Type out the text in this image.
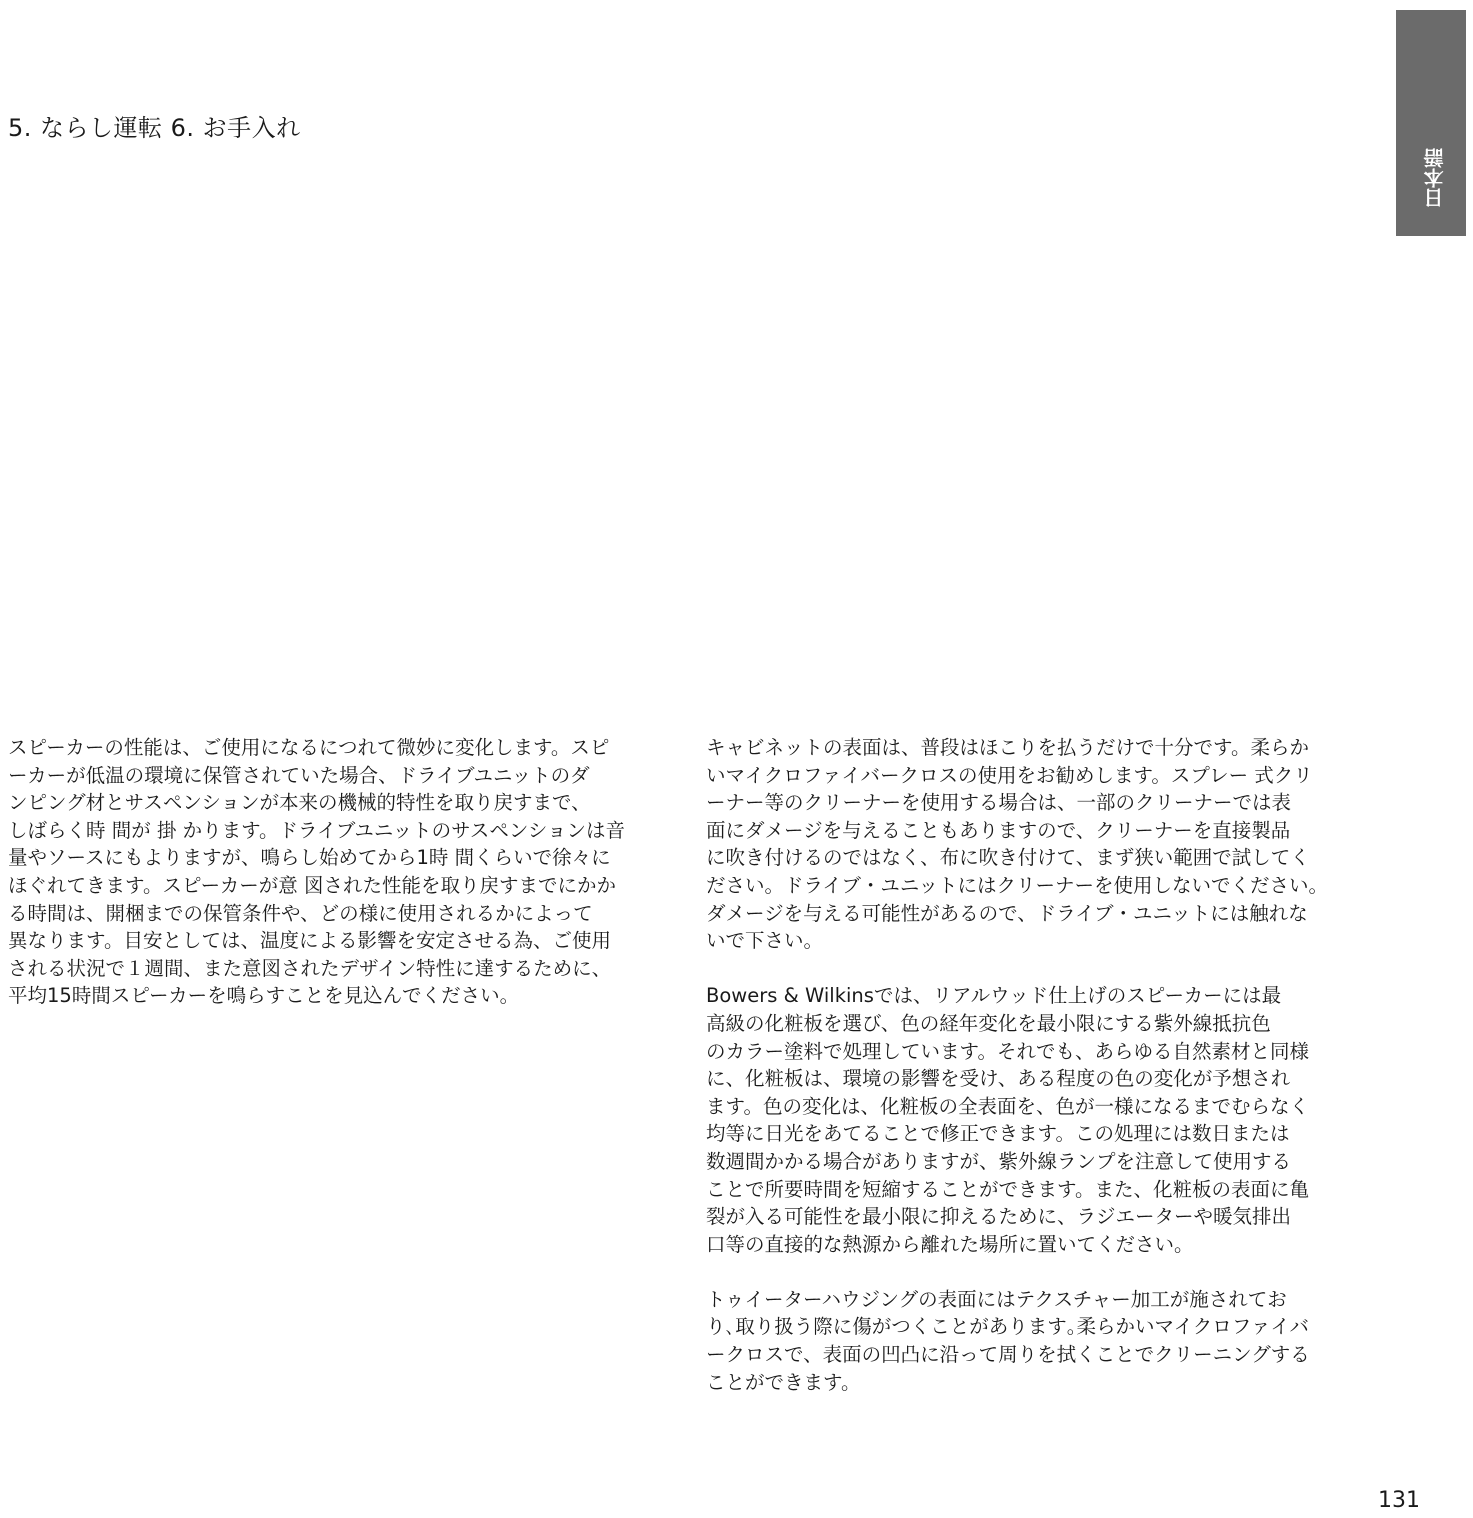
5. ならし運転 6. お手入れ
日本語
スピーカーの性能は、ご使用になるにつれて微妙に変化します。スピ
ーカーが低温の環境に保管されていた場合、ドライブユニットのダ
ンピング材とサスペンションが本来の機械的特性を取り戻すまで、
しばらく時 間が 掛 かります。ドライブユニットのサスペンションは音
量やソースにもよりますが、鳴らし始めてから1時 間くらいで徐々に
ほぐれてきます。スピーカーが意 図された性能を取り戻すまでにかか
る時間は、開梱までの保管条件や、どの様に使用されるかによって
異なります。目安としては、温度による影響を安定させる為、ご使用
される状況で１週間、また意図されたデザイン特性に達するために、
平均15時間スピーカーを鳴らすことを見込んでください。
キャビネットの表面は、普段はほこりを払うだけで十分です。柔らか
いマイクロファイバークロスの使用をお勧めします。スプレー 式クリ
ーナー等のクリーナーを使用する場合は、一部のクリーナーでは表
面にダメージを与えることもありますので、クリーナーを直接製品
に吹き付けるのではなく、布に吹き付けて、まず狭い範囲で試してく
ださい。ドライブ・ユニットにはクリーナーを使用しないでください。
ダメージを与える可能性があるので、ドライブ・ユニットには触れな
いで下さい。
Bowers & Wilkinsでは、リアルウッド仕上げのスピーカーには最
高級の化粧板を選び、色の経年変化を最小限にする紫外線抵抗色
のカラー塗料で処理しています。それでも、あらゆる自然素材と同様
に、化粧板は、環境の影響を受け、ある程度の色の変化が予想され
ます。色の変化は、化粧板の全表面を、色が一様になるまでむらなく
均等に日光をあてることで修正できます。この処理には数日または
数週間かかる場合がありますが、紫外線ランプを注意して使用する
ことで所要時間を短縮することができます。また、化粧板の表面に亀
裂が入る可能性を最小限に抑えるために、ラジエーターや暖気排出
口等の直接的な熱源から離れた場所に置いてください。
トゥイーターハウジングの表面にはテクスチャー加工が施されてお
り､取り扱う際に傷がつくことがあります｡柔らかいマイクロファイバ
ークロスで、表面の凹凸に沿って周りを拭くことでクリーニングする
ことができます。
131
